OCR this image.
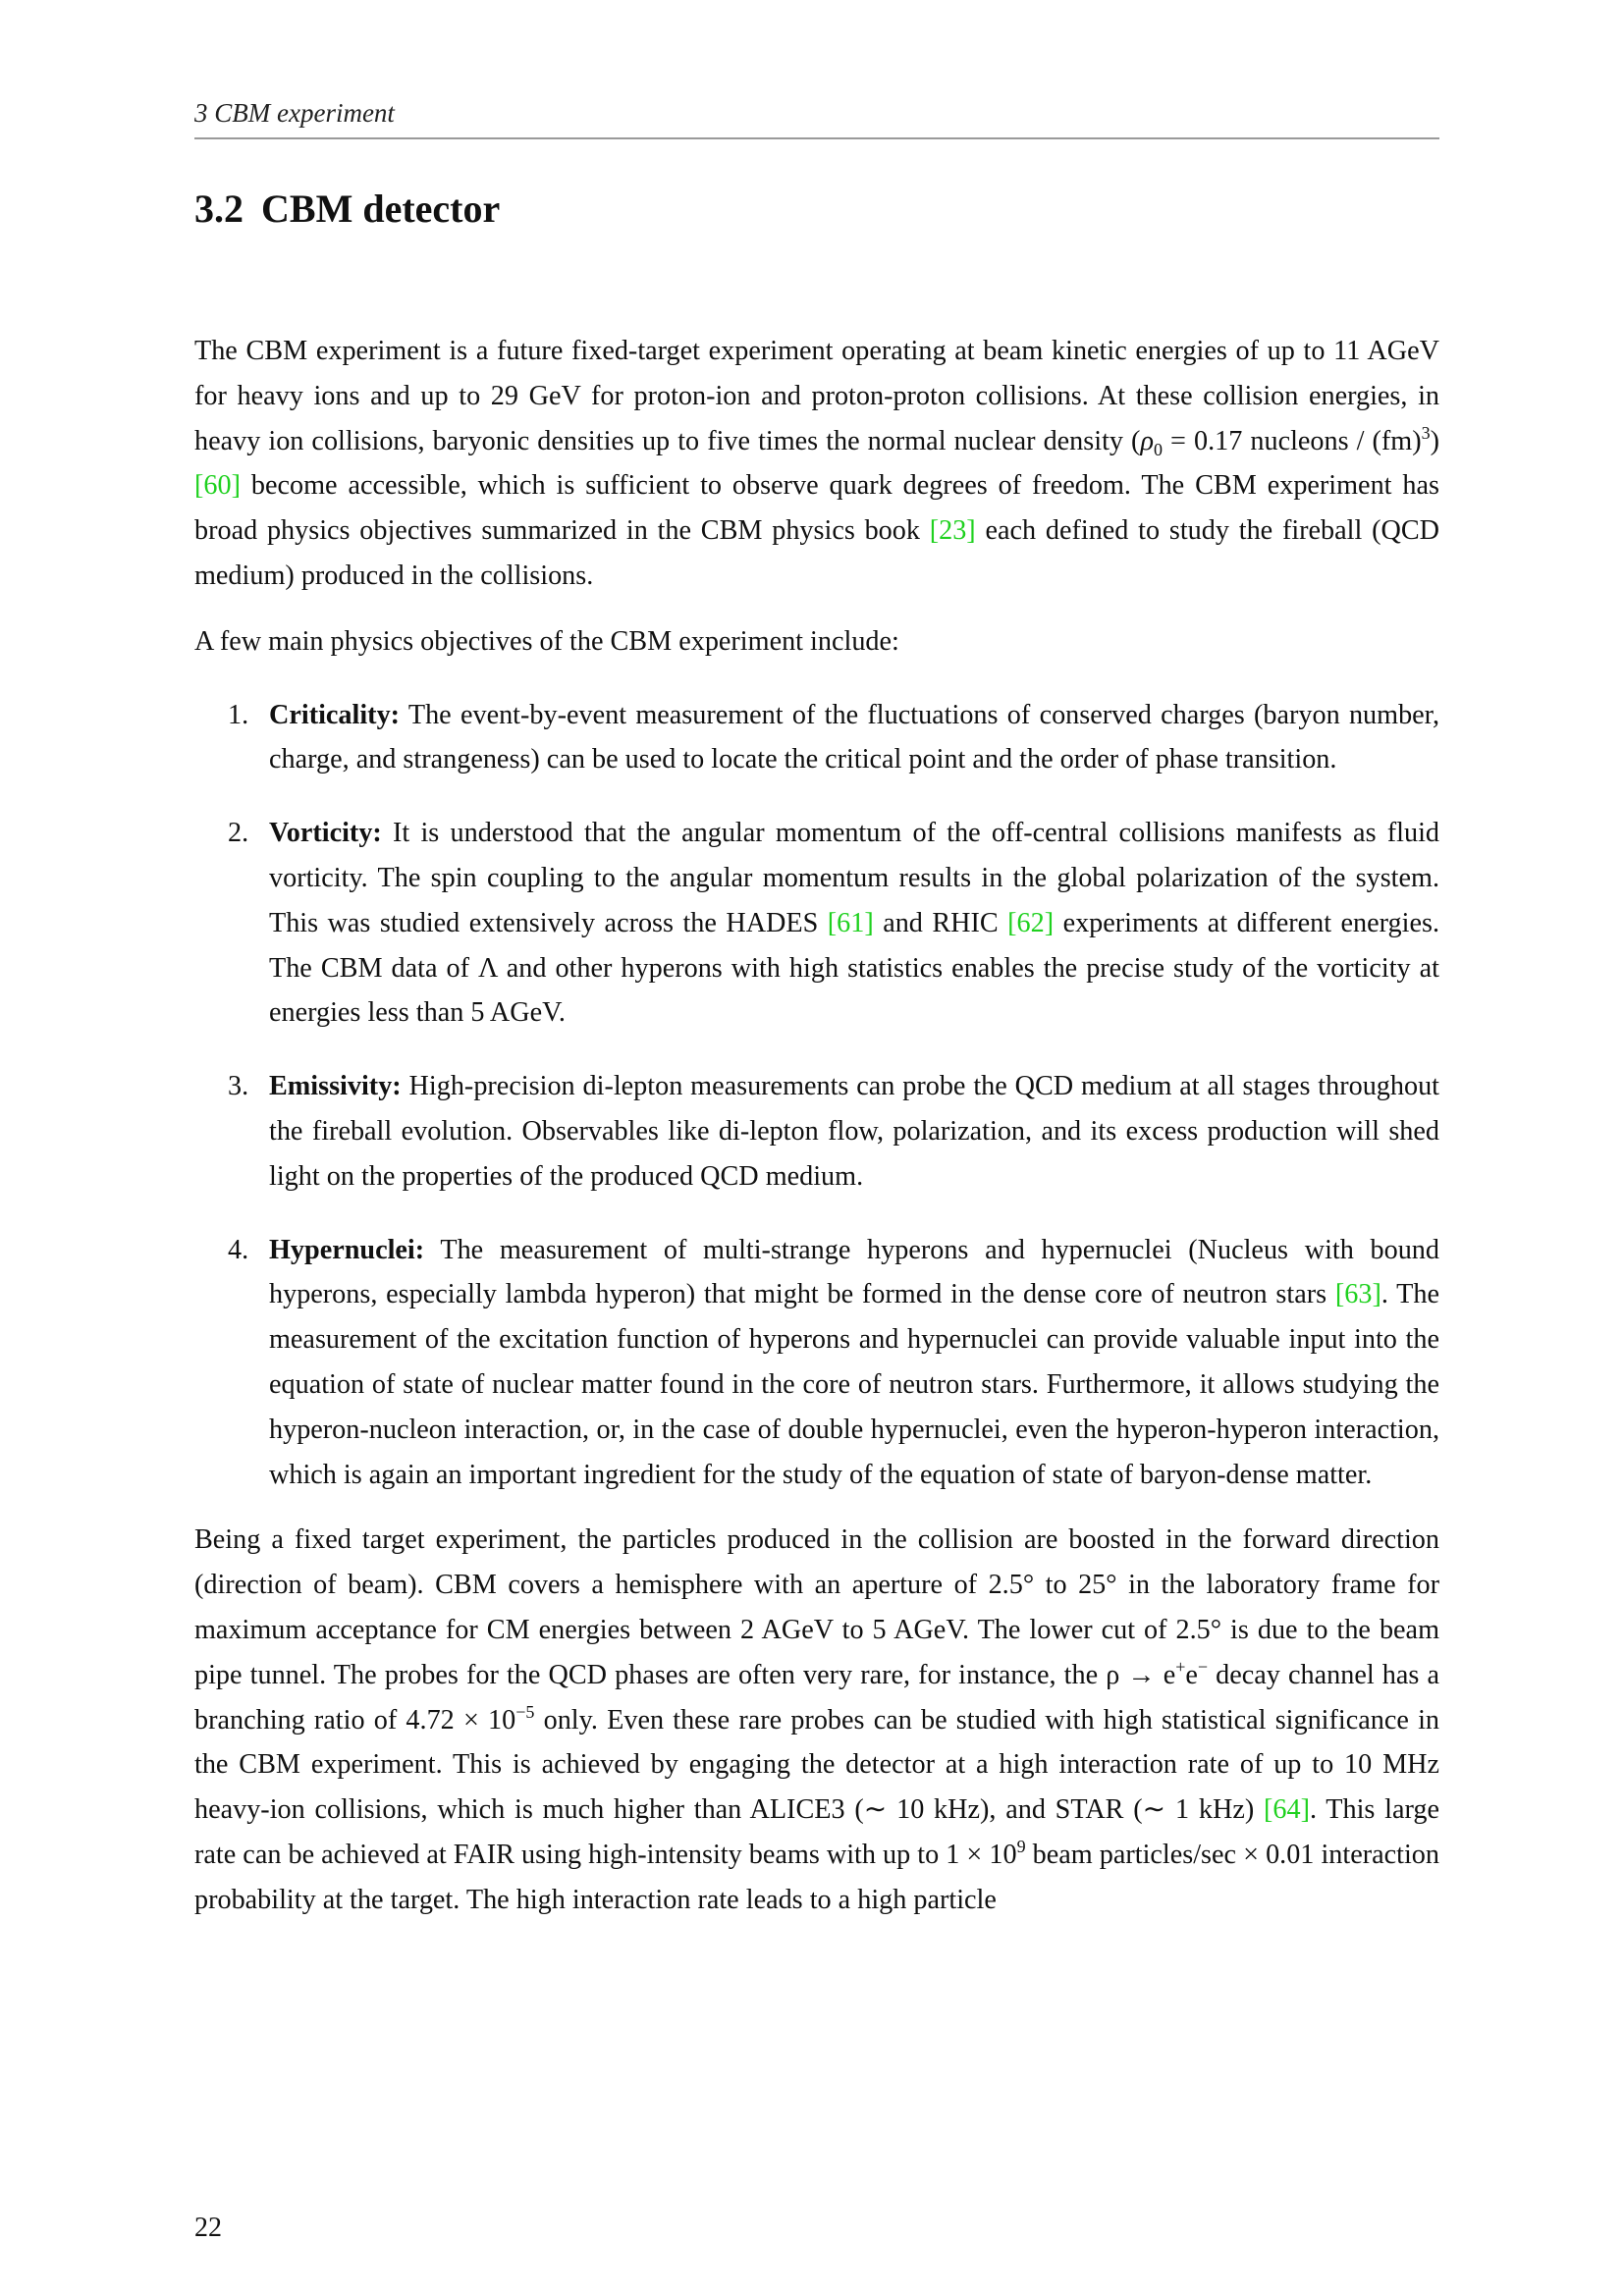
3 CBM experiment
3.2 CBM detector

The CBM experiment is a future fixed-target experiment operating at beam kinetic energies of up to 11 AGeV for heavy ions and up to 29 GeV for proton-ion and proton-proton collisions. At these collision energies, in heavy ion collisions, baryonic densities up to five times the normal nuclear density ($\rho_0 = 0.17$ nucleons / (fm)$^3$) [60] become accessible, which is sufficient to observe quark degrees of freedom. The CBM experiment has broad physics objectives summarized in the CBM physics book [23] each defined to study the fireball (QCD medium) produced in the collisions.

A few main physics objectives of the CBM experiment include:

1. Criticality: The event-by-event measurement of the fluctuations of conserved charges (baryon number, charge, and strangeness) can be used to locate the critical point and the order of phase transition.
2. Vorticity: It is understood that the angular momentum of the off-central collisions manifests as fluid vorticity. The spin coupling to the angular momentum results in the global polarization of the system. This was studied extensively across the HADES [61] and RHIC [62] experiments at different energies. The CBM data of Λ and other hyperons with high statistics enables the precise study of the vorticity at energies less than 5 AGeV.
3. Emissivity: High-precision di-lepton measurements can probe the QCD medium at all stages throughout the fireball evolution. Observables like di-lepton flow, polarization, and its excess production will shed light on the properties of the produced QCD medium.
4. Hypernuclei: The measurement of multi-strange hyperons and hypernuclei (Nucleus with bound hyperons, especially lambda hyperon) that might be formed in the dense core of neutron stars [63]. The measurement of the excitation function of hyperons and hypernuclei can provide valuable input into the equation of state of nuclear matter found in the core of neutron stars. Furthermore, it allows studying the hyperon-nucleon interaction, or, in the case of double hypernuclei, even the hyperon-hyperon interaction, which is again an important ingredient for the study of the equation of state of baryon-dense matter.

Being a fixed target experiment, the particles produced in the collision are boosted in the forward direction (direction of beam). CBM covers a hemisphere with an aperture of 2.5° to 25° in the laboratory frame for maximum acceptance for CM energies between 2 AGeV to 5 AGeV. The lower cut of 2.5° is due to the beam pipe tunnel. The probes for the QCD phases are often very rare, for instance, the ρ → e+e− decay channel has a branching ratio of $4.72 \times 10^{-5}$ only. Even these rare probes can be studied with high statistical significance in the CBM experiment. This is achieved by engaging the detector at a high interaction rate of up to 10 MHz heavy-ion collisions, which is much higher than ALICE3 (∼ 10 kHz), and STAR (∼ 1 kHz) [64]. This large rate can be achieved at FAIR using high-intensity beams with up to $1 \times 10^9$ beam particles/sec × 0.01 interaction probability at the target. The high interaction rate leads to a high particle

22
